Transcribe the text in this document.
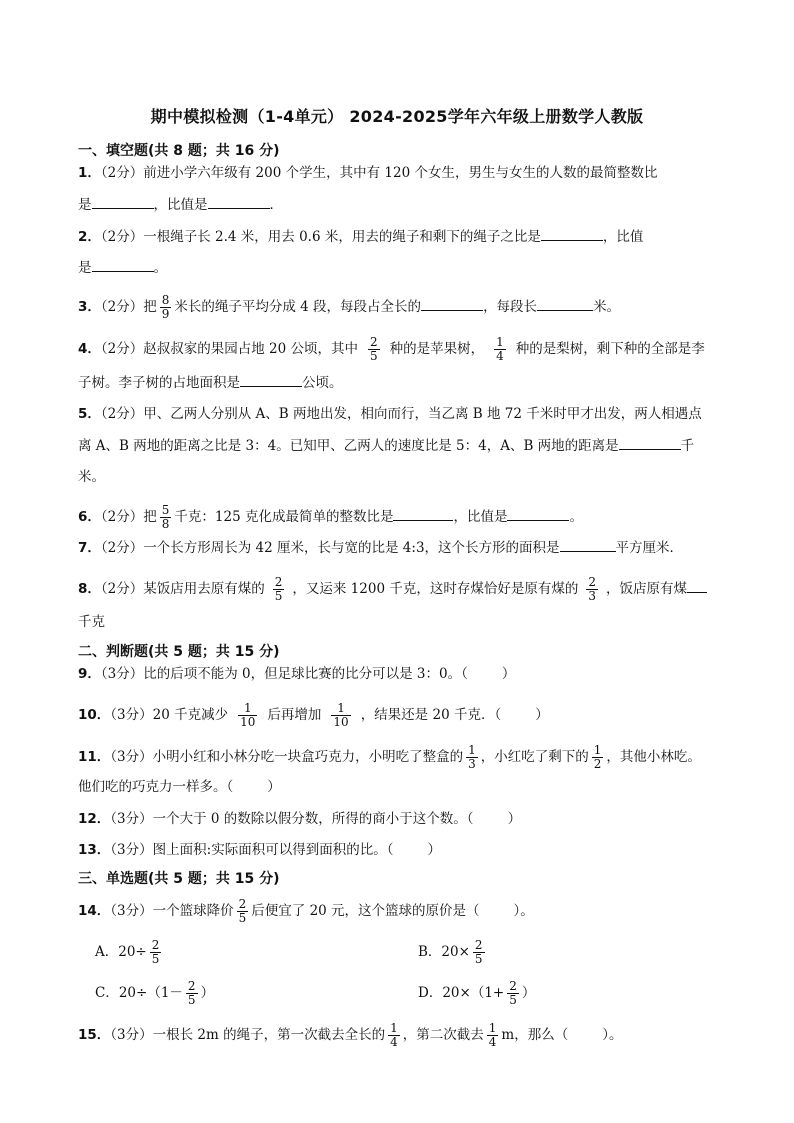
期中模拟检测（1-4单元） 2024-2025学年六年级上册数学人教版
一、填空题(共 8 题；共 16 分)
1．（2分）前进小学六年级有 200 个学生，其中有 120 个女生，男生与女生的人数的最简整数比
是	，比值是	．
2．（2分）一根绳子长 2.4 米，用去 0.6 米，用去的绳子和剩下的绳子之比是	，比值
是	。
3．（2分）把 $\frac{8}{9}$ 米长的绳子平均分成 4 段，每段占全长的	，每段长	米。
4．（2分）赵叔叔家的果园占地 20 公顷，其中 $\frac{2}{5}$ 种的是苹果树， $\frac{1}{4}$ 种的是梨树，剩下种的全部是李
子树。李子树的占地面积是	公顷。
5．（2分）甲、乙两人分别从 A、B 两地出发，相向而行，当乙离 B 地 72 千米时甲才出发，两人相遇点
离 A、B 两地的距离之比是 3：4。已知甲、乙两人的速度比是 5：4，A、B 两地的距离是	千
米。
6．（2分）把 $\frac{5}{8}$ 千克：125 克化成最简单的整数比是	，比值是	。
7．（2分）一个长方形周长为 42 厘米，长与宽的比是 4:3，这个长方形的面积是	平方厘米．
8．（2分）某饭店用去原有煤的 $\frac{2}{5}$ ，又运来 1200 千克，这时存煤恰好是原有煤的 $\frac{2}{3}$ ，饭店原有煤
千克
二、判断题(共 5 题；共 15 分)
9．（3分）比的后项不能为 0，但足球比赛的比分可以是 3：0。（	）
10．（3分）20 千克减少 $\frac{1}{10}$ 后再增加 $\frac{1}{10}$ ，结果还是 20 千克．（	）
11．（3分）小明小红和小林分吃一块盒巧克力，小明吃了整盒的 $\frac{1}{3}$ ，小红吃了剩下的 $\frac{1}{2}$ ，其他小林吃。
他们吃的巧克力一样多。（	）
12．（3分）一个大于 0 的数除以假分数，所得的商小于这个数。（	）
13．（3分）图上面积:实际面积可以得到面积的比。（	）
三、单选题(共 5 题；共 15 分)
14．（3分）一个篮球降价 $\frac{2}{5}$ 后便宜了 20 元，这个篮球的原价是（	）。
A．$20\div \frac{2}{5}$	B．$20\times \frac{2}{5}$
C．$20\div(1- \frac{2}{5}$ ）	D．$20\times(1+ \frac{2}{5}$ ）
15．（3分）一根长 2m 的绳子，第一次截去全长的 $\frac{1}{4}$ ，第二次截去 $\frac{1}{4}$ m，那么（	）。
